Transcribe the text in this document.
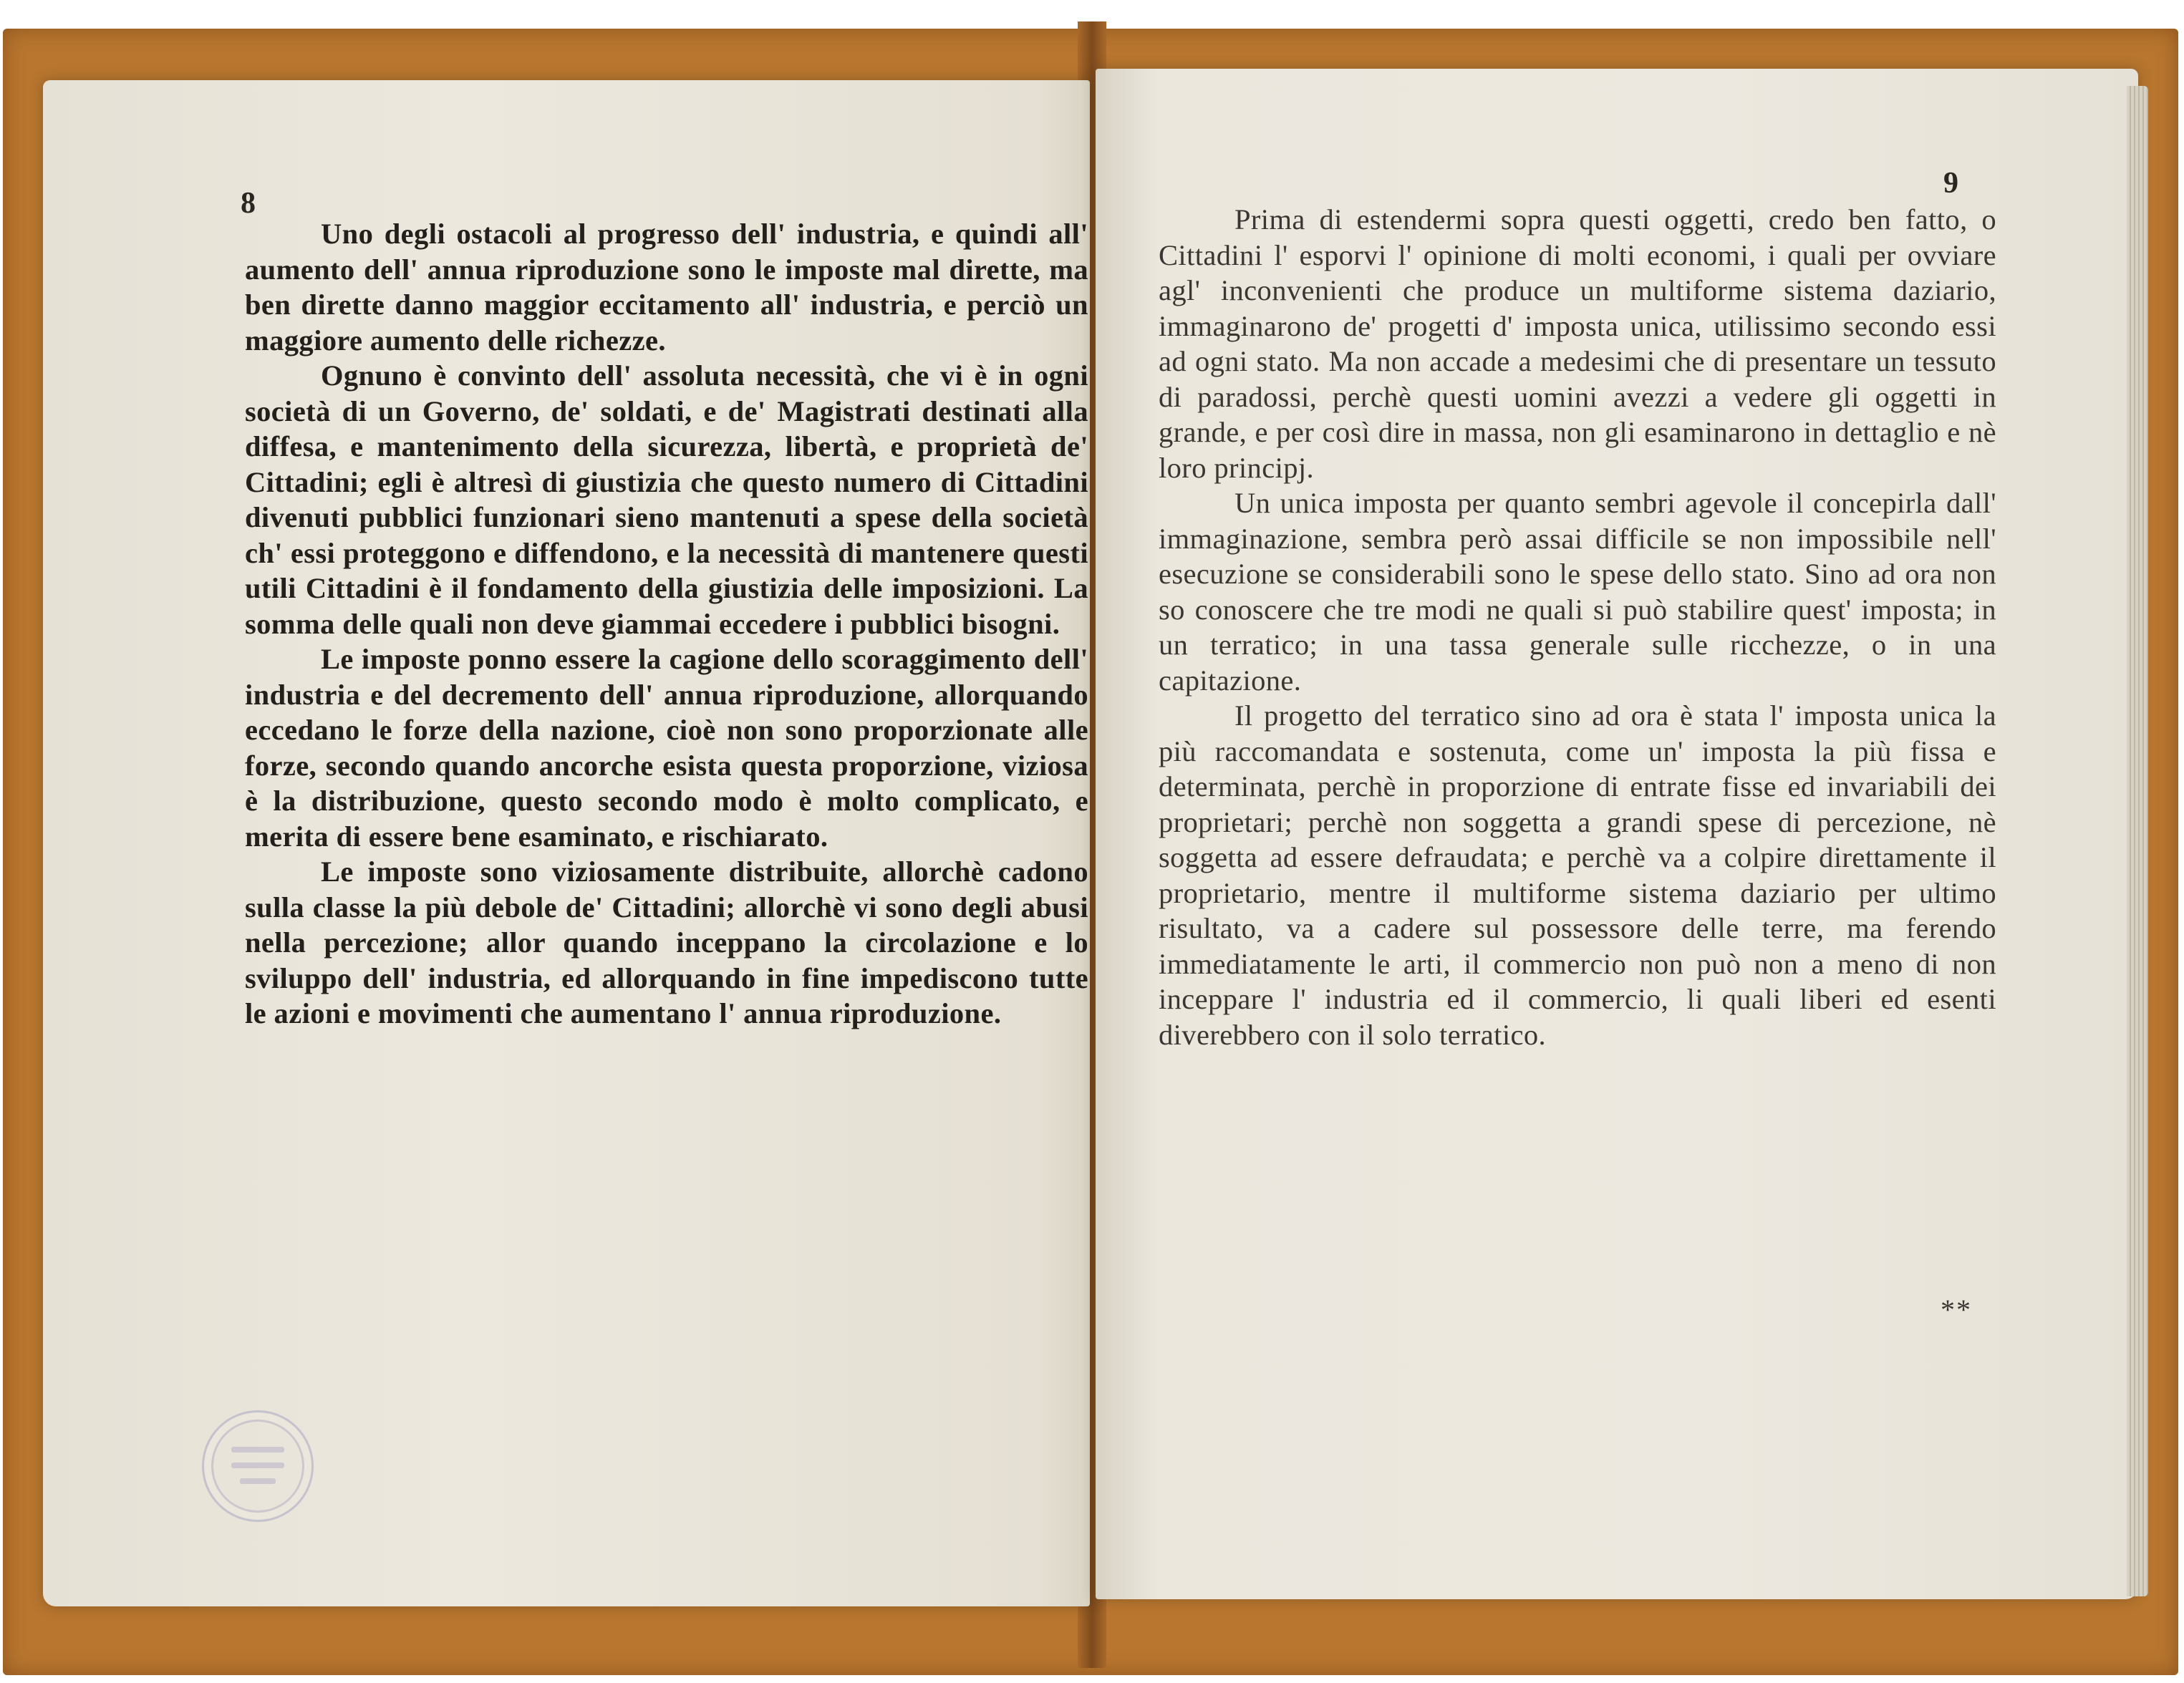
8

Uno degli ostacoli al progresso dell' industria, e quindi all' aumento dell' annua riproduzione sono le imposte mal dirette, ma ben dirette danno maggior eccitamento all' industria, e perciò un maggiore aumento delle richezze.

Ognuno è convinto dell' assoluta necessità, che vi è in ogni società di un Governo, de' soldati, e de' Magistrati destinati alla diffesa, e mantenimento della sicurezza, libertà, e proprietà de' Cittadini; egli è altresì di giustizia che questo numero di Cittadini divenuti pubblici funzionari sieno mantenuti a spese della società ch' essi proteggono e diffendono, e la necessità di mantenere questi utili Cittadini è il fondamento della giustizia delle imposizioni. La somma delle quali non deve giammai eccedere i pubblici bisogni.

Le imposte ponno essere la cagione dello scoraggimento dell' industria e del decremento dell' annua riproduzione, allorquando eccedano le forze della nazione, cioè non sono proporzionate alle forze, secondo quando ancorche esista questa proporzione, viziosa è la distribuzione, questo secondo modo è molto complicato, e merita di essere bene esaminato, e rischiarato.

Le imposte sono viziosamente distribuite, allorchè cadono sulla classe la più debole de' Cittadini; allorchè vi sono degli abusi nella percezione; allor quando inceppano la circolazione e lo sviluppo dell' industria, ed allorquando in fine impediscono tutte le azioni e movimenti che aumentano l' annua riproduzione.

9

Prima di estendermi sopra questi oggetti, credo ben fatto, o Cittadini l' esporvi l' opinione di molti economi, i quali per ovviare agl' inconvenienti che produce un multiforme sistema daziario, immaginarono de' progetti d' imposta unica, utilissimo secondo essi ad ogni stato. Ma non accade a medesimi che di presentare un tessuto di paradossi, perchè questi uomini avezzi a vedere gli oggetti in grande, e per così dire in massa, non gli esaminarono in dettaglio e nè loro principj.

Un unica imposta per quanto sembri agevole il concepirla dall' immaginazione, sembra però assai difficile se non impossibile nell' esecuzione se considerabili sono le spese dello stato. Sino ad ora non so conoscere che tre modi ne quali si può stabilire quest' imposta; in un terratico; in una tassa generale sulle ricchezze, o in una capitazione.

Il progetto del terratico sino ad ora è stata l' imposta unica la più raccomandata e sostenuta, come un' imposta la più fissa e determinata, perchè in proporzione di entrate fisse ed invariabili dei proprietari; perchè non soggetta a grandi spese di percezione, nè soggetta ad essere defraudata; e perchè va a colpire direttamente il proprietario, mentre il multiforme sistema daziario per ultimo risultato, va a cadere sul possessore delle terre, ma ferendo immediatamente le arti, il commercio non può non a meno di non inceppare l' industria ed il commercio, li quali liberi ed esenti diverebbero con il solo terratico.

**
